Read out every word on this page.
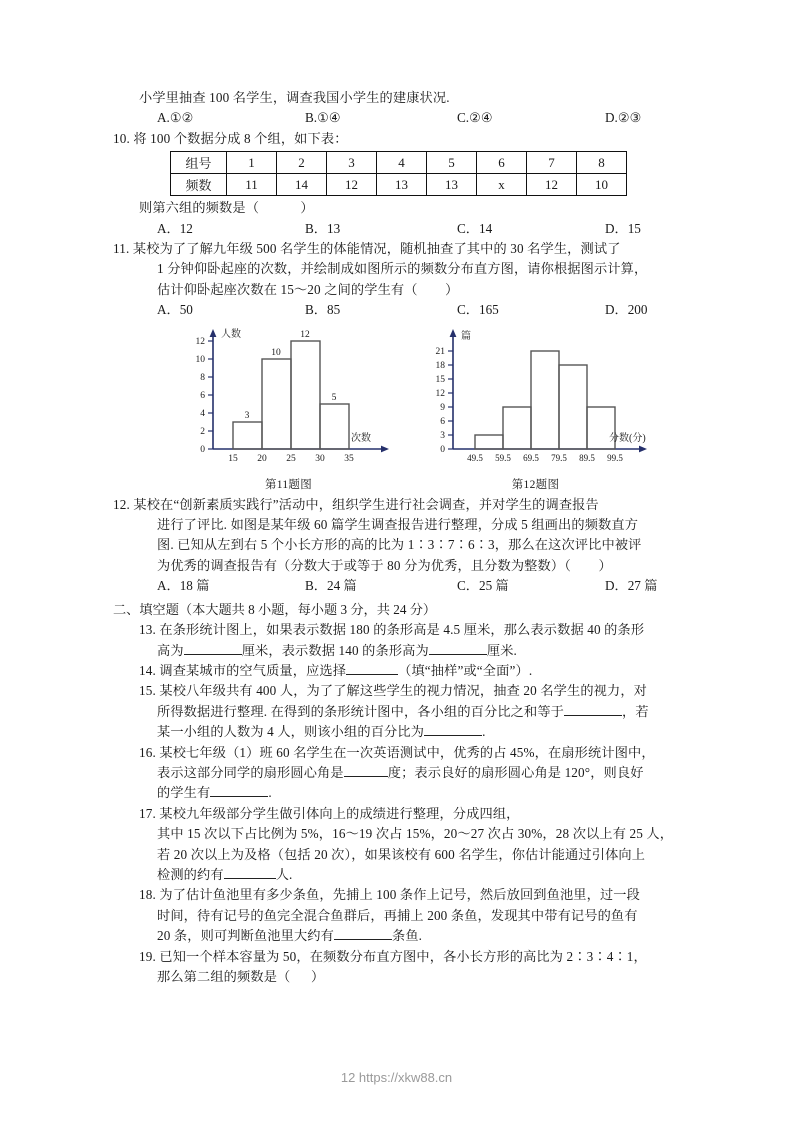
小学里抽查 100 名学生，调查我国小学生的建康状况.
A.①②	B.①④	C.②④	D.②③
10. 将 100 个数据分成 8 个组，如下表：
组号	1	2	3	4	5	6	7	8
频数	11	14	12	13	13	x	12	10
则第六组的频数是（            ）
A．12	B．13	C．14	D．15
11. 某校为了了解九年级 500 名学生的体能情况，随机抽查了其中的 30 名学生，测试了
1 分钟仰卧起座的次数，并绘制成如图所示的频数分布直方图，请你根据图示计算，
估计仰卧起座次数在 15～20 之间的学生有（        ）
A．50	B．85	C．165	D．200
0
2
4
6
8
10
12
人数
3
10
12
5
15 20 25 30 35
次数
第11题图
0
3
6
9
12
15
18
21
篇
49.5 59.5 69.5 79.5 89.5 99.5
分数(分)
第12题图
12. 某校在“创新素质实践行”活动中，组织学生进行社会调查，并对学生的调查报告
进行了评比. 如图是某年级 60 篇学生调查报告进行整理，分成 5 组画出的频数直方
图. 已知从左到右 5 个小长方形的高的比为 1∶3∶7∶6∶3，那么在这次评比中被评
为优秀的调查报告有（分数大于或等于 80 分为优秀，且分数为整数）（        ）
A．18 篇	B．24 篇	C．25 篇	D．27 篇
二、填空题（本大题共 8 小题，每小题 3 分，共 24 分）
13. 在条形统计图上，如果表示数据 180 的条形高是 4.5 厘米，那么表示数据 40 的条形
高为	厘米，表示数据 140 的条形高为	厘米.
14. 调查某城市的空气质量，应选择	（填“抽样”或“全面”）.
15. 某校八年级共有 400 人，为了了解这些学生的视力情况，抽查 20 名学生的视力，对
所得数据进行整理. 在得到的条形统计图中，各小组的百分比之和等于	，若
某一小组的人数为 4 人，则该小组的百分比为	.
16. 某校七年级（1）班 60 名学生在一次英语测试中，优秀的占 45%，在扇形统计图中，
表示这部分同学的扇形圆心角是	度；表示良好的扇形圆心角是 120°，则良好
的学生有	.
17. 某校九年级部分学生做引体向上的成绩进行整理，分成四组，
其中 15 次以下占比例为 5%，16～19 次占 15%，20～27 次占 30%，28 次以上有 25 人，
若 20 次以上为及格（包括 20 次），如果该校有 600 名学生，你估计能通过引体向上
检测的约有	人.
18. 为了估计鱼池里有多少条鱼，先捕上 100 条作上记号，然后放回到鱼池里，过一段
时间，待有记号的鱼完全混合鱼群后，再捕上 200 条鱼，发现其中带有记号的鱼有
20 条，则可判断鱼池里大约有	条鱼.
19. 已知一个样本容量为 50，在频数分布直方图中，各小长方形的高比为 2∶3∶4∶1，
那么第二组的频数是（      ）
12 https://xkw88.cn
